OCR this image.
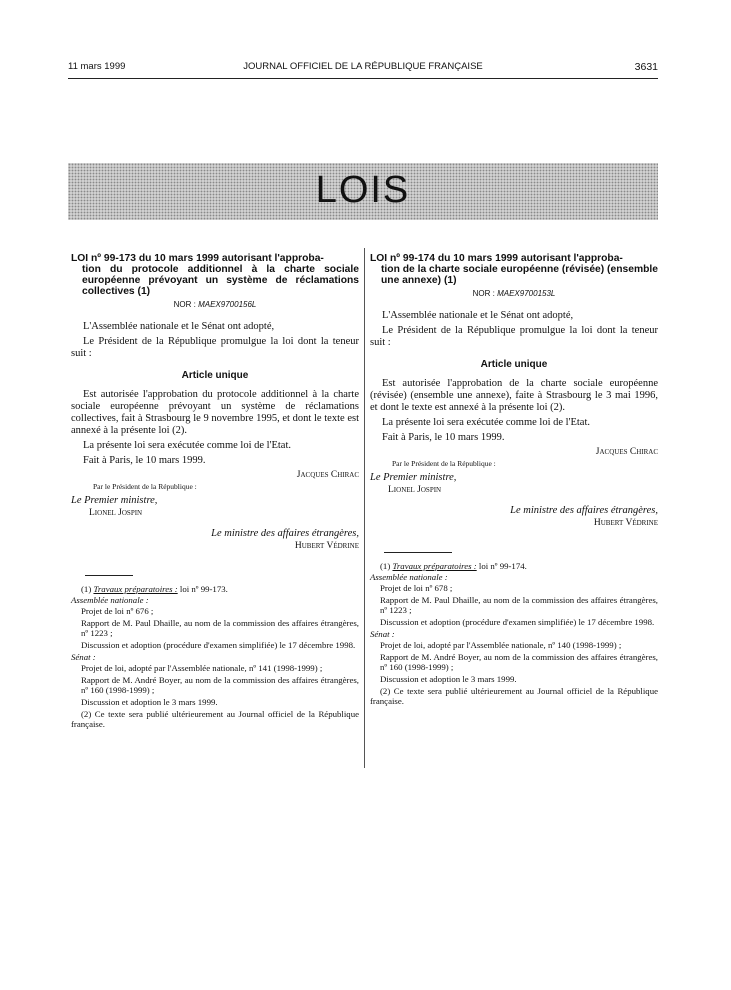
11 mars 1999	JOURNAL OFFICIEL DE LA RÉPUBLIQUE FRANÇAISE	3631
LOIS
LOI nº 99-173 du 10 mars 1999 autorisant l'approba-
tion du protocole additionnel à la charte sociale européenne prévoyant un système de réclamations collectives (1)
NOR : MAEX9700156L

L'Assemblée nationale et le Sénat ont adopté,

Le Président de la République promulgue la loi dont la teneur suit :

Article unique

Est autorisée l'approbation du protocole additionnel à la charte sociale européenne prévoyant un système de réclamations collectives, fait à Strasbourg le 9 novembre 1995, et dont le texte est annexé à la présente loi (2).

La présente loi sera exécutée comme loi de l'Etat.

Fait à Paris, le 10 mars 1999.

Jacques Chirac
Par le Président de la République :
Le Premier ministre,
Lionel Jospin
Le ministre des affaires étrangères,
Hubert Védrine

(1) Travaux préparatoires : loi nº 99-173.

Assemblée nationale :

Projet de loi nº 676 ;

Rapport de M. Paul Dhaille, au nom de la commission des affaires étrangères, nº 1223 ;

Discussion et adoption (procédure d'examen simplifiée) le 17 décembre 1998.

Sénat :

Projet de loi, adopté par l'Assemblée nationale, nº 141 (1998-1999) ;

Rapport de M. André Boyer, au nom de la commission des affaires étrangères, nº 160 (1998-1999) ;

Discussion et adoption le 3 mars 1999.

(2) Ce texte sera publié ultérieurement au Journal officiel de la République française.

LOI nº 99-174 du 10 mars 1999 autorisant l'approba-
tion de la charte sociale européenne (révisée) (ensemble une annexe) (1)
NOR : MAEX9700153L

L'Assemblée nationale et le Sénat ont adopté,

Le Président de la République promulgue la loi dont la teneur suit :

Article unique

Est autorisée l'approbation de la charte sociale européenne (révisée) (ensemble une annexe), faite à Strasbourg le 3 mai 1996, et dont le texte est annexé à la présente loi (2).

La présente loi sera exécutée comme loi de l'Etat.

Fait à Paris, le 10 mars 1999.

Jacques Chirac
Par le Président de la République :
Le Premier ministre,
Lionel Jospin
Le ministre des affaires étrangères,
Hubert Védrine

(1) Travaux préparatoires : loi nº 99-174.

Assemblée nationale :

Projet de loi nº 678 ;

Rapport de M. Paul Dhaille, au nom de la commission des affaires étrangères, nº 1223 ;

Discussion et adoption (procédure d'examen simplifiée) le 17 décembre 1998.

Sénat :

Projet de loi, adopté par l'Assemblée nationale, nº 140 (1998-1999) ;

Rapport de M. André Boyer, au nom de la commission des affaires étrangères, nº 160 (1998-1999) ;

Discussion et adoption le 3 mars 1999.

(2) Ce texte sera publié ultérieurement au Journal officiel de la République française.
